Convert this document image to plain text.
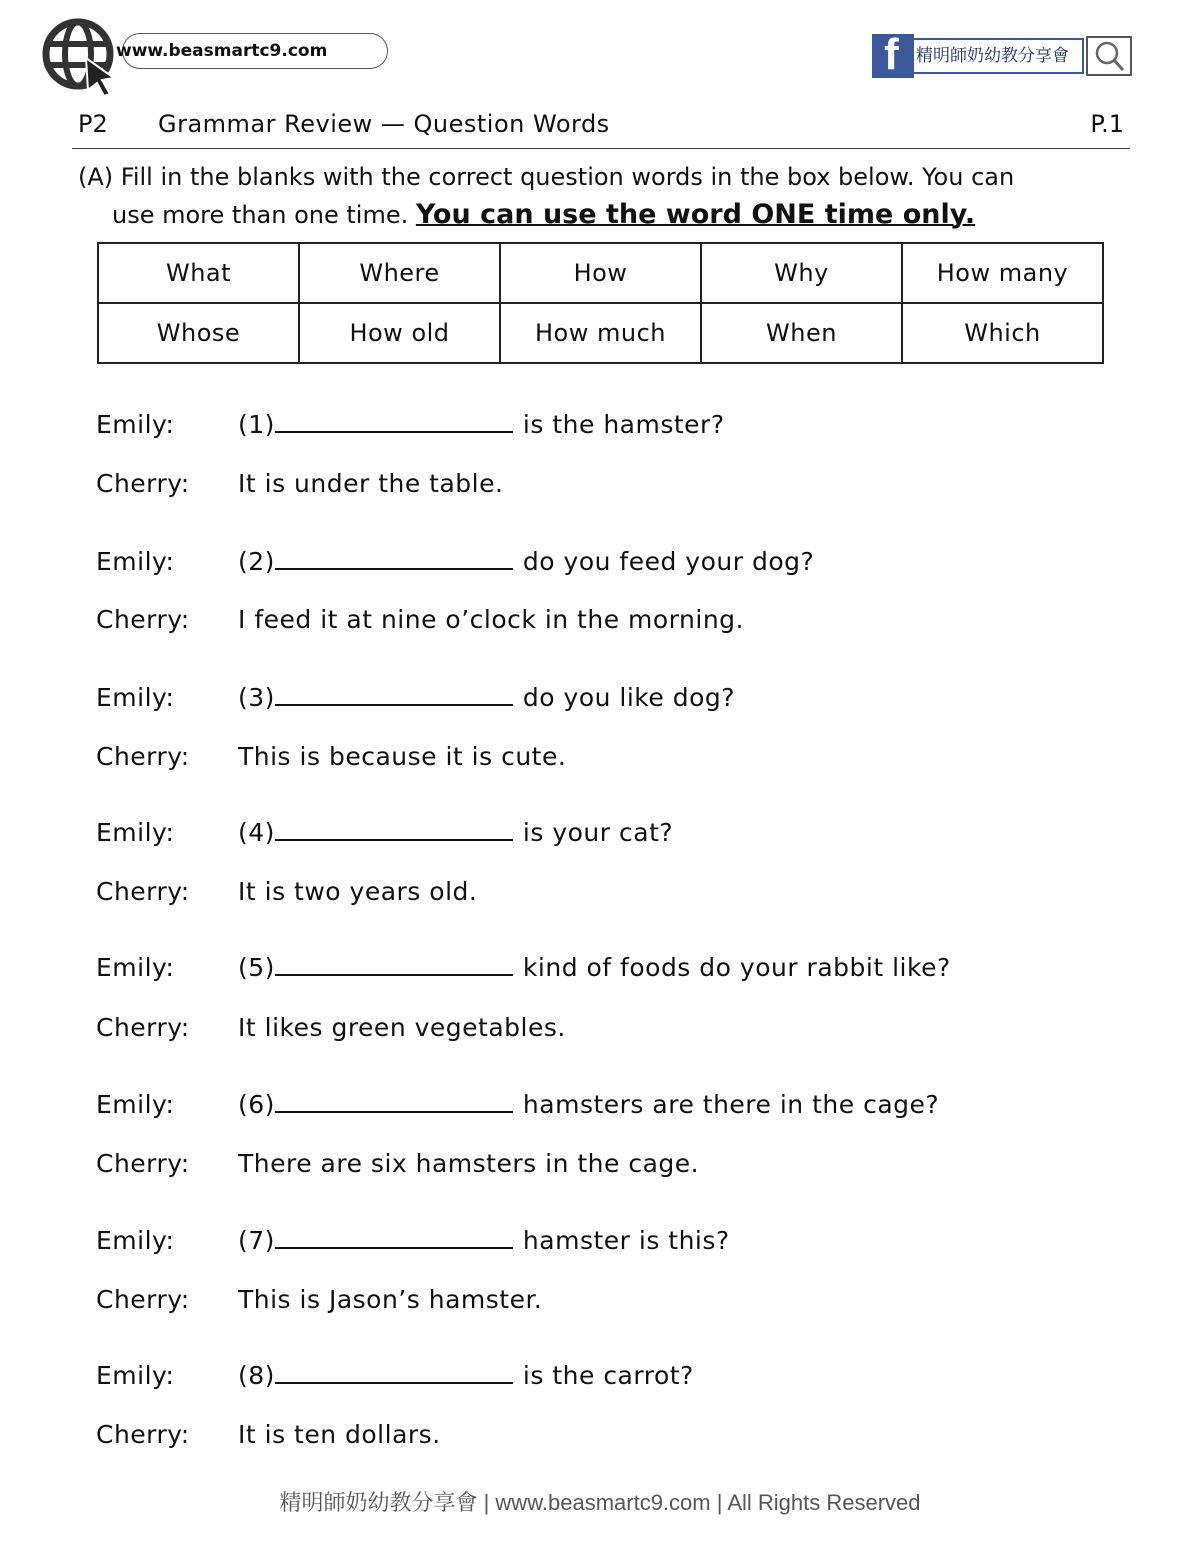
www.beasmartc9.com	f 精明師奶幼教分享會
P2 Grammar Review — Question Words	P.1
(A) Fill in the blanks with the correct question words in the box below. You can
use more than one time. You can use the word ONE time only.
What	Where	How	Why	How many
Whose	How old	How much	When	Which
Emily:	(1)	is the hamster?
Cherry: It is under the table.
Emily:	(2)	do you feed your dog?
Cherry: I feed it at nine o’clock in the morning.
Emily:	(3)	do you like dog?
Cherry: This is because it is cute.
Emily:	(4)	is your cat?
Cherry: It is two years old.
Emily:	(5)	kind of foods do your rabbit like?
Cherry: It likes green vegetables.
Emily:	(6)	hamsters are there in the cage?
Cherry: There are six hamsters in the cage.
Emily:	(7)	hamster is this?
Cherry: This is Jason’s hamster.
Emily:	(8)	is the carrot?
Cherry: It is ten dollars.
精明師奶幼教分享會 | www.beasmartc9.com | All Rights Reserved
